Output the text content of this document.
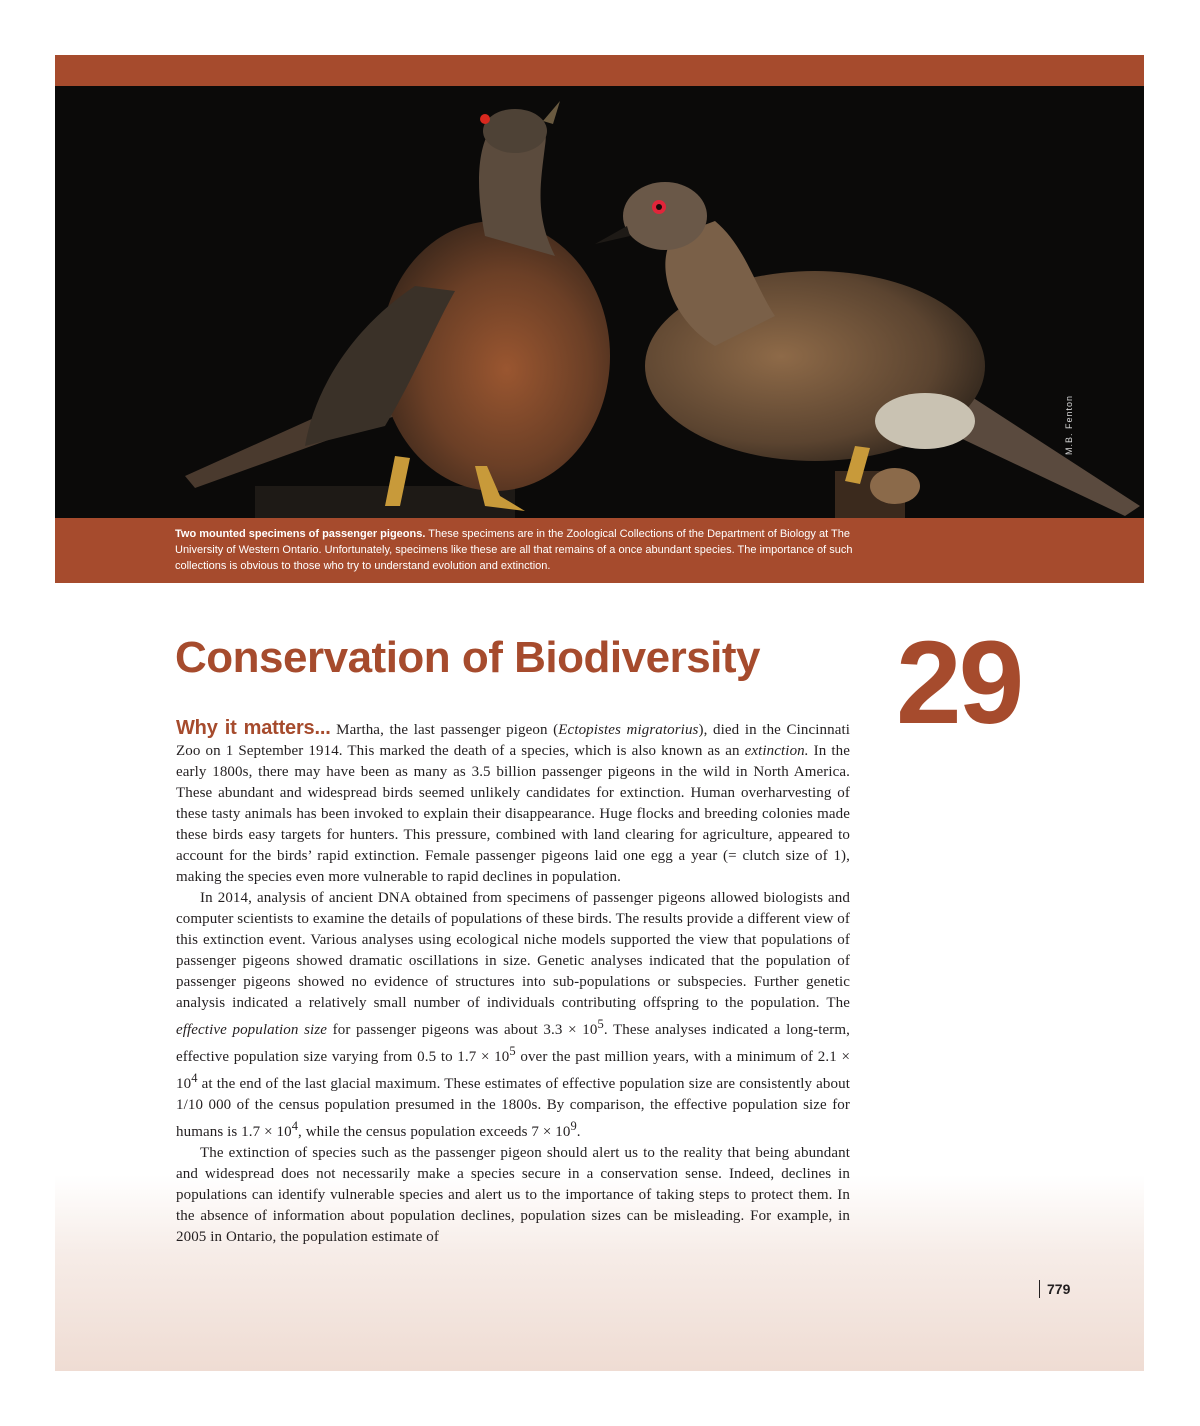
M.B. Fenton
Two mounted specimens of passenger pigeons. These specimens are in the Zoological Collections of the Department of Biology at The University of Western Ontario. Unfortunately, specimens like these are all that remains of a once abundant species. The importance of such collections is obvious to those who try to understand evolution and extinction.
Conservation of Biodiversity 29

Why it matters... Martha, the last passenger pigeon (Ectopistes migratorius), died in the Cincinnati Zoo on 1 September 1914. This marked the death of a species, which is also known as an extinction. In the early 1800s, there may have been as many as 3.5 billion passenger pigeons in the wild in North America. These abundant and widespread birds seemed unlikely candidates for extinction. Human overharvesting of these tasty animals has been invoked to explain their disappearance. Huge flocks and breeding colonies made these birds easy targets for hunters. This pressure, combined with land clearing for agriculture, appeared to account for the birds’ rapid extinction. Female passenger pigeons laid one egg a year (= clutch size of 1), making the species even more vulnerable to rapid declines in population.

In 2014, analysis of ancient DNA obtained from specimens of passenger pigeons allowed biologists and computer scientists to examine the details of populations of these birds. The results provide a different view of this extinction event. Various analyses using ecological niche models supported the view that populations of passenger pigeons showed dramatic oscillations in size. Genetic analyses indicated that the population of passenger pigeons showed no evidence of structures into sub-populations or subspecies. Further genetic analysis indicated a relatively small number of individuals contributing offspring to the population. The effective population size for passenger pigeons was about $3.3 \times 10^5$. These analyses indicated a long-term, effective population size varying from 0.5 to $1.7 \times 10^5$ over the past million years, with a minimum of $2.1 \times 10^4$ at the end of the last glacial maximum. These estimates of effective population size are consistently about 1/10 000 of the census population presumed in the 1800s. By comparison, the effective population size for humans is $1.7 \times 10^4$, while the census population exceeds $7 \times 10^9$.

The extinction of species such as the passenger pigeon should alert us to the reality that being abundant and widespread does not necessarily make a species secure in a conservation sense. Indeed, declines in populations can identify vulnerable species and alert us to the importance of taking steps to protect them. In the absence of information about population declines, population sizes can be misleading. For example, in 2005 in Ontario, the population estimate of

779
